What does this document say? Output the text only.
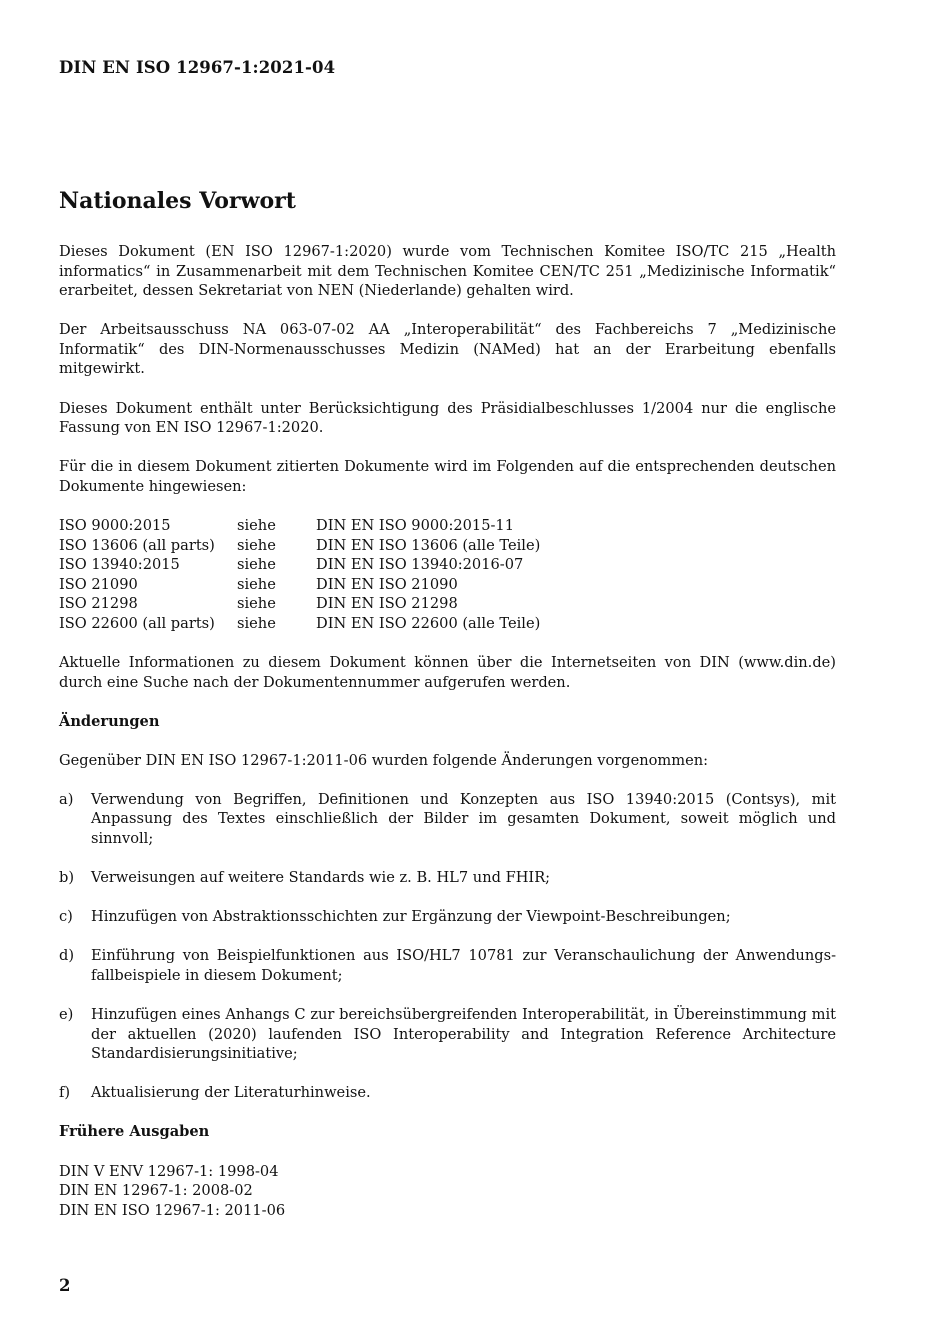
DIN EN ISO 12967-1:2021-04
Nationales Vorwort

Dieses Dokument (EN ISO 12967-1:2020) wurde vom Technischen Komitee ISO/TC 215 „Health informatics“ in Zusammenarbeit mit dem Technischen Komitee CEN/TC 251 „Medizinische Informatik“ erarbeitet, dessen Sekretariat von NEN (Niederlande) gehalten wird.

Der Arbeitsausschuss NA 063-07-02 AA „Interoperabilität“ des Fachbereichs 7 „Medizinische Informatik“ des DIN-Normenausschusses Medizin (NAMed) hat an der Erarbeitung ebenfalls mitgewirkt.

Dieses Dokument enthält unter Berücksichtigung des Präsidialbeschlusses 1/2004 nur die englische Fassung von EN ISO 12967-1:2020.

Für die in diesem Dokument zitierten Dokumente wird im Folgenden auf die entsprechenden deutschen Dokumente hingewiesen:

ISO 9000:2015	siehe	DIN EN ISO 9000:2015-11
ISO 13606 (all parts)	siehe	DIN EN ISO 13606 (alle Teile)
ISO 13940:2015	siehe	DIN EN ISO 13940:2016-07
ISO 21090	siehe	DIN EN ISO 21090
ISO 21298	siehe	DIN EN ISO 21298
ISO 22600 (all parts)	siehe	DIN EN ISO 22600 (alle Teile)

Aktuelle Informationen zu diesem Dokument können über die Internetseiten von DIN (www.din.de) durch eine Suche nach der Dokumentennummer aufgerufen werden.

Änderungen

Gegenüber DIN EN ISO 12967-1:2011-06 wurden folgende Änderungen vorgenommen:

a)	Verwendung von Begriffen, Definitionen und Konzepten aus ISO 13940:2015 (Contsys), mit Anpassung des Textes einschließlich der Bilder im gesamten Dokument, soweit möglich und sinnvoll;
b)	Verweisungen auf weitere Standards wie z. B. HL7 und FHIR;
c)	Hinzufügen von Abstraktionsschichten zur Ergänzung der Viewpoint-Beschreibungen;
d)	Einführung von Beispielfunktionen aus ISO/HL7 10781 zur Veranschaulichung der Anwendungsfallbeispiele in diesem Dokument;
e)	Hinzufügen eines Anhangs C zur bereichsübergreifenden Interoperabilität, in Übereinstimmung mit der aktuellen (2020) laufenden ISO Interoperability and Integration Reference Architecture Standardisierungsinitiative;
f)	Aktualisierung der Literaturhinweise.
Frühere Ausgaben
DIN V ENV 12967-1: 1998-04
DIN EN 12967-1: 2008-02
DIN EN ISO 12967-1: 2011-06
2
